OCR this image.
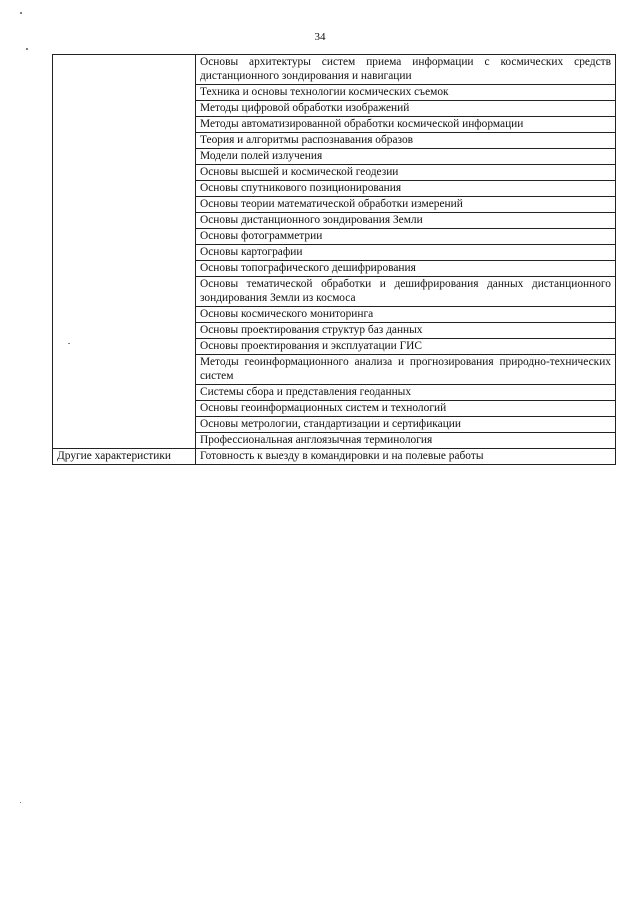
34
	Основы архитектуры систем приема информации с космических средств дистанционного зондирования и навигации
	Техника и основы технологии космических съемок
	Методы цифровой обработки изображений
	Методы автоматизированной обработки космической информации
	Теория и алгоритмы распознавания образов
	Модели полей излучения
	Основы высшей и космической геодезии
	Основы спутникового позиционирования
	Основы теории математической обработки измерений
	Основы дистанционного зондирования Земли
	Основы фотограмметрии
	Основы картографии
	Основы топографического дешифрирования
	Основы тематической обработки и дешифрирования данных дистанционного зондирования Земли из космоса
	Основы космического мониторинга
	Основы проектирования структур баз данных
	Основы проектирования и эксплуатации ГИС
	Методы геоинформационного анализа и прогнозирования природно-технических систем
	Системы сбора и представления геоданных
	Основы геоинформационных систем и технологий
	Основы метрологии, стандартизации и сертификации
	Профессиональная англоязычная терминология
Другие характеристики	Готовность к выезду в командировки и на полевые работы
